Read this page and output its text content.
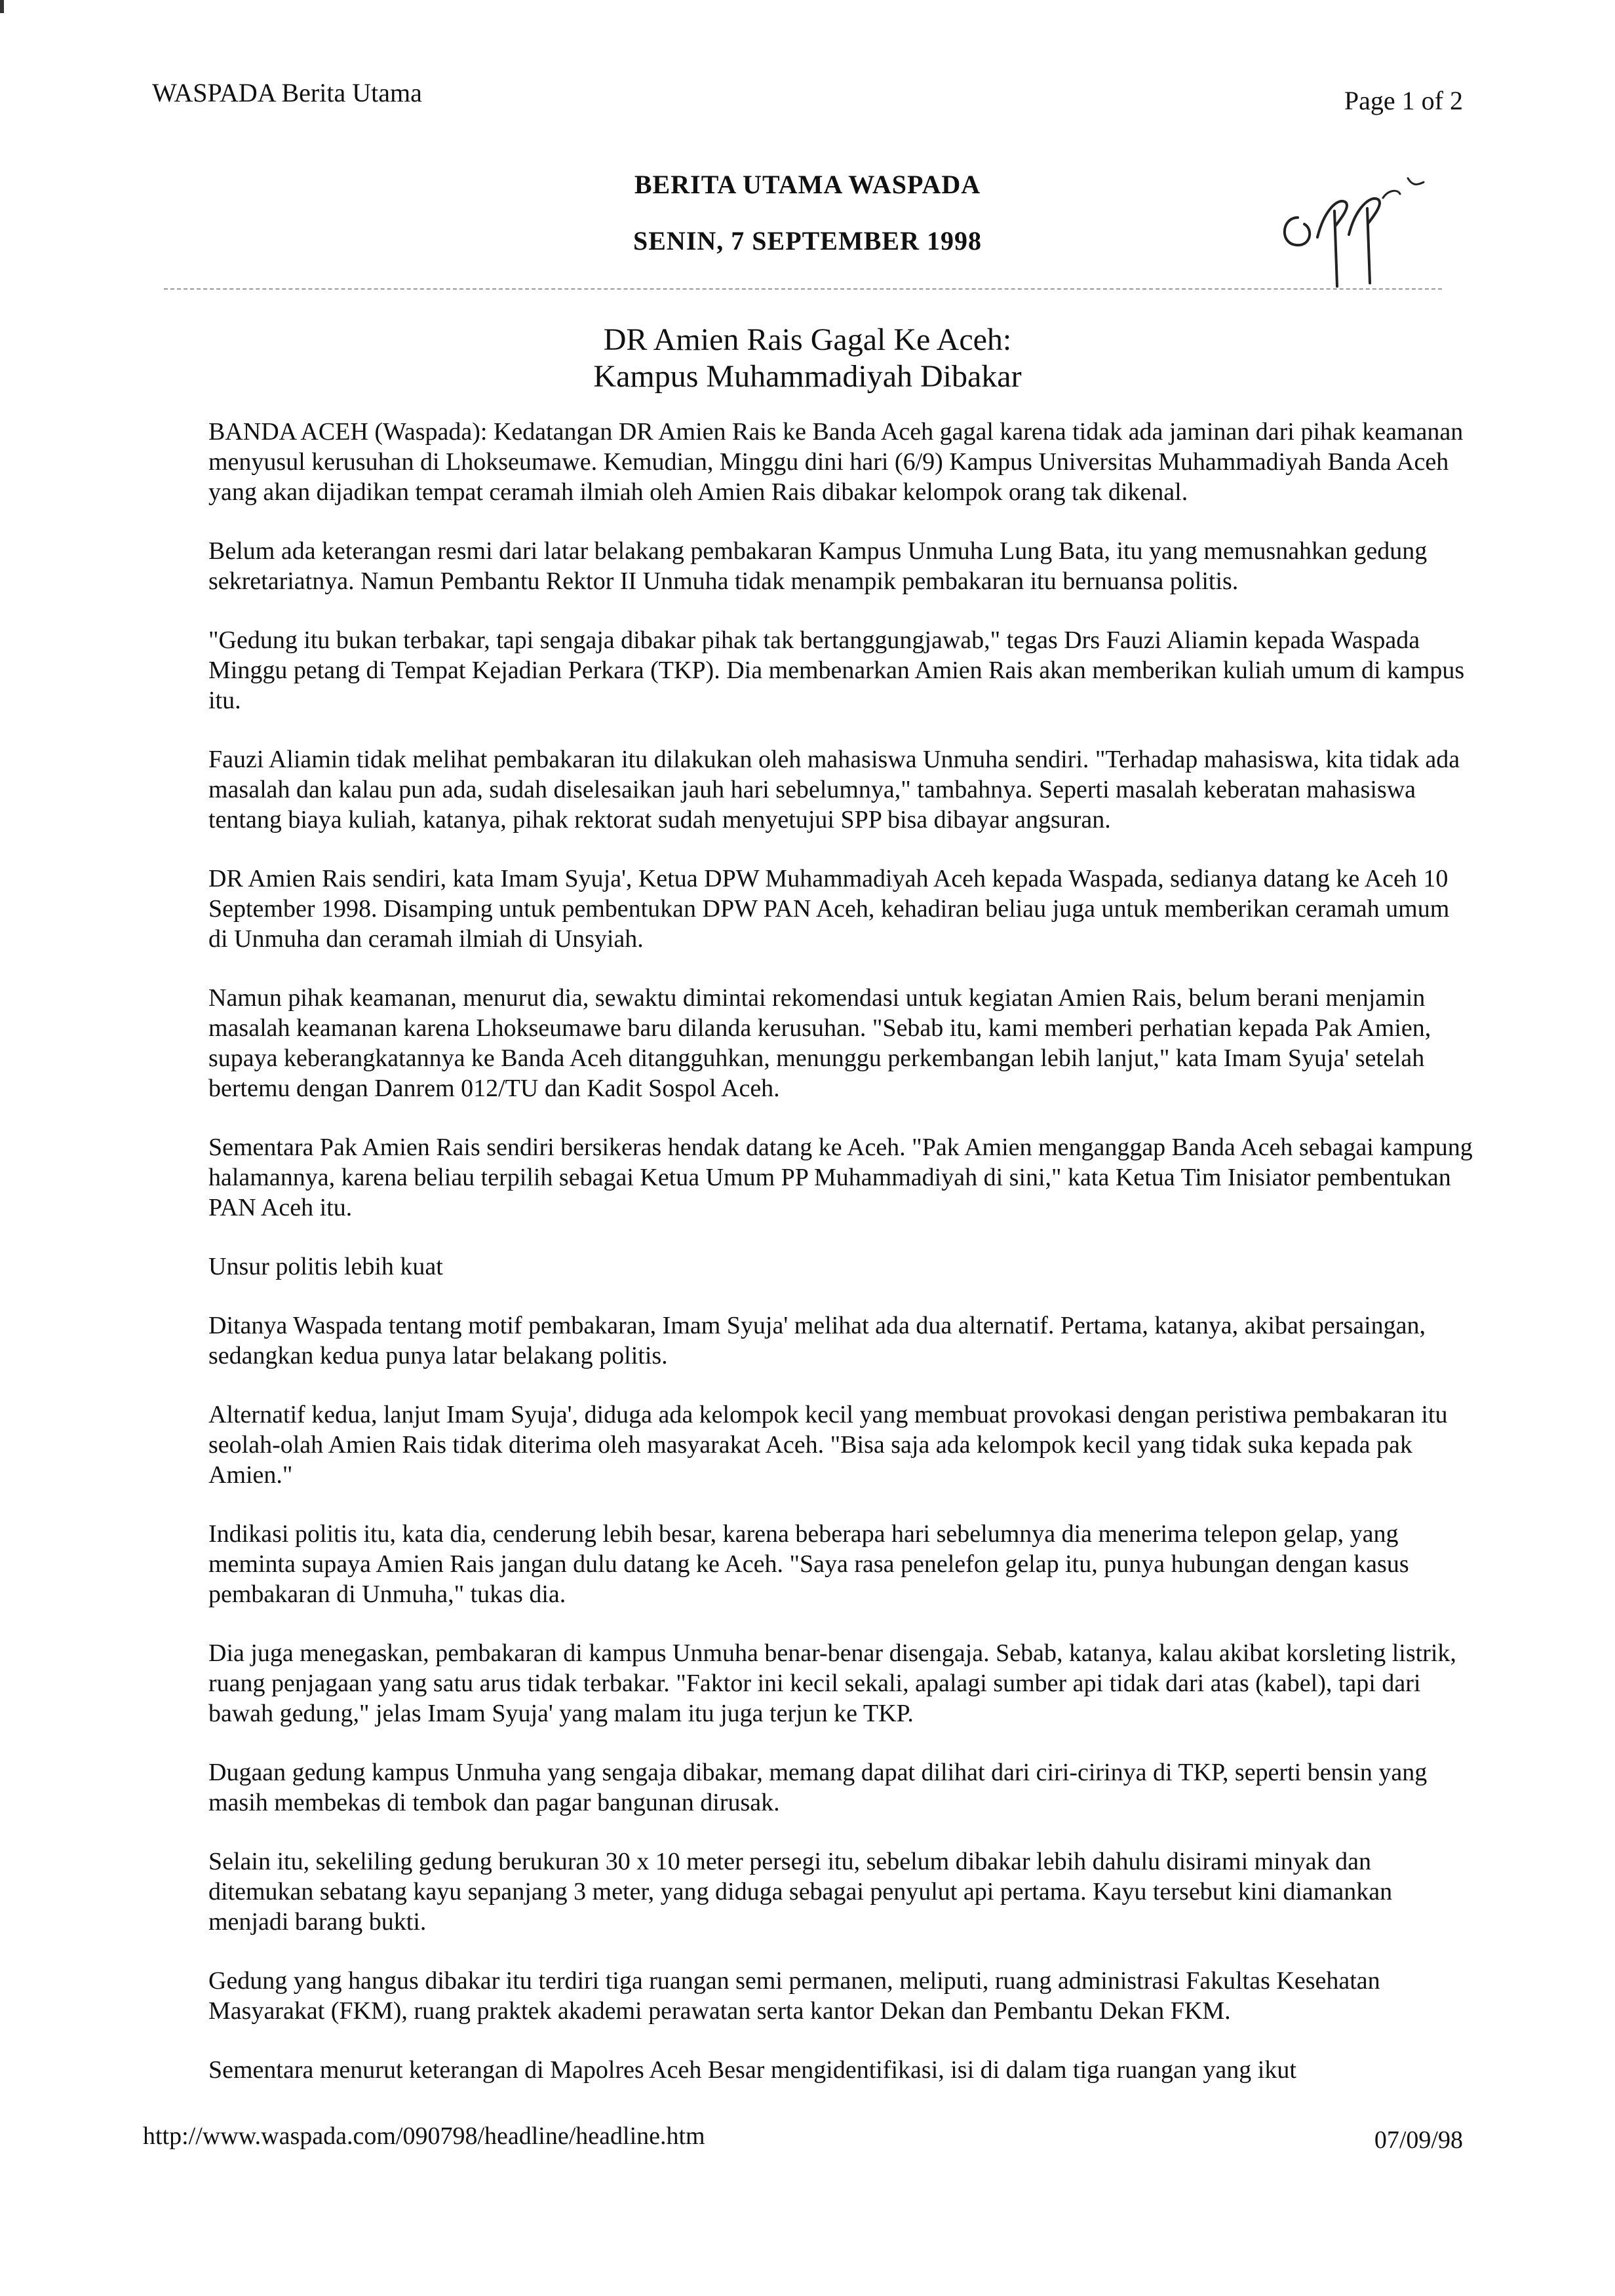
WASPADA Berita Utama	Page 1 of 2
BERITA UTAMA WASPADA
SENIN, 7 SEPTEMBER 1998
DR Amien Rais Gagal Ke Aceh:
Kampus Muhammadiyah Dibakar

BANDA ACEH (Waspada): Kedatangan DR Amien Rais ke Banda Aceh gagal karena tidak ada jaminan dari pihak keamanan menyusul kerusuhan di Lhokseumawe. Kemudian, Minggu dini hari (6/9) Kampus Universitas Muhammadiyah Banda Aceh yang akan dijadikan tempat ceramah ilmiah oleh Amien Rais dibakar kelompok orang tak dikenal.

Belum ada keterangan resmi dari latar belakang pembakaran Kampus Unmuha Lung Bata, itu yang memusnahkan gedung sekretariatnya. Namun Pembantu Rektor II Unmuha tidak menampik pembakaran itu bernuansa politis.

"Gedung itu bukan terbakar, tapi sengaja dibakar pihak tak bertanggungjawab," tegas Drs Fauzi Aliamin kepada Waspada Minggu petang di Tempat Kejadian Perkara (TKP). Dia membenarkan Amien Rais akan memberikan kuliah umum di kampus itu.

Fauzi Aliamin tidak melihat pembakaran itu dilakukan oleh mahasiswa Unmuha sendiri. "Terhadap mahasiswa, kita tidak ada masalah dan kalau pun ada, sudah diselesaikan jauh hari sebelumnya," tambahnya. Seperti masalah keberatan mahasiswa tentang biaya kuliah, katanya, pihak rektorat sudah menyetujui SPP bisa dibayar angsuran.

DR Amien Rais sendiri, kata Imam Syuja', Ketua DPW Muhammadiyah Aceh kepada Waspada, sedianya datang ke Aceh 10 September 1998. Disamping untuk pembentukan DPW PAN Aceh, kehadiran beliau juga untuk memberikan ceramah umum di Unmuha dan ceramah ilmiah di Unsyiah.

Namun pihak keamanan, menurut dia, sewaktu dimintai rekomendasi untuk kegiatan Amien Rais, belum berani menjamin masalah keamanan karena Lhokseumawe baru dilanda kerusuhan. "Sebab itu, kami memberi perhatian kepada Pak Amien, supaya keberangkatannya ke Banda Aceh ditangguhkan, menunggu perkembangan lebih lanjut," kata Imam Syuja' setelah bertemu dengan Danrem 012/TU dan Kadit Sospol Aceh.

Sementara Pak Amien Rais sendiri bersikeras hendak datang ke Aceh. "Pak Amien menganggap Banda Aceh sebagai kampung halamannya, karena beliau terpilih sebagai Ketua Umum PP Muhammadiyah di sini," kata Ketua Tim Inisiator pembentukan PAN Aceh itu.

Unsur politis lebih kuat

Ditanya Waspada tentang motif pembakaran, Imam Syuja' melihat ada dua alternatif. Pertama, katanya, akibat persaingan, sedangkan kedua punya latar belakang politis.

Alternatif kedua, lanjut Imam Syuja', diduga ada kelompok kecil yang membuat provokasi dengan peristiwa pembakaran itu seolah-olah Amien Rais tidak diterima oleh masyarakat Aceh. "Bisa saja ada kelompok kecil yang tidak suka kepada pak Amien."

Indikasi politis itu, kata dia, cenderung lebih besar, karena beberapa hari sebelumnya dia menerima telepon gelap, yang meminta supaya Amien Rais jangan dulu datang ke Aceh. "Saya rasa penelefon gelap itu, punya hubungan dengan kasus pembakaran di Unmuha," tukas dia.

Dia juga menegaskan, pembakaran di kampus Unmuha benar-benar disengaja. Sebab, katanya, kalau akibat korsleting listrik, ruang penjagaan yang satu arus tidak terbakar. "Faktor ini kecil sekali, apalagi sumber api tidak dari atas (kabel), tapi dari bawah gedung," jelas Imam Syuja' yang malam itu juga terjun ke TKP.

Dugaan gedung kampus Unmuha yang sengaja dibakar, memang dapat dilihat dari ciri-cirinya di TKP, seperti bensin yang masih membekas di tembok dan pagar bangunan dirusak.

Selain itu, sekeliling gedung berukuran 30 x 10 meter persegi itu, sebelum dibakar lebih dahulu disirami minyak dan ditemukan sebatang kayu sepanjang 3 meter, yang diduga sebagai penyulut api pertama. Kayu tersebut kini diamankan menjadi barang bukti.

Gedung yang hangus dibakar itu terdiri tiga ruangan semi permanen, meliputi, ruang administrasi Fakultas Kesehatan Masyarakat (FKM), ruang praktek akademi perawatan serta kantor Dekan dan Pembantu Dekan FKM.

Sementara menurut keterangan di Mapolres Aceh Besar mengidentifikasi, isi di dalam tiga ruangan yang ikut

http://www.waspada.com/090798/headline/headline.htm	07/09/98
